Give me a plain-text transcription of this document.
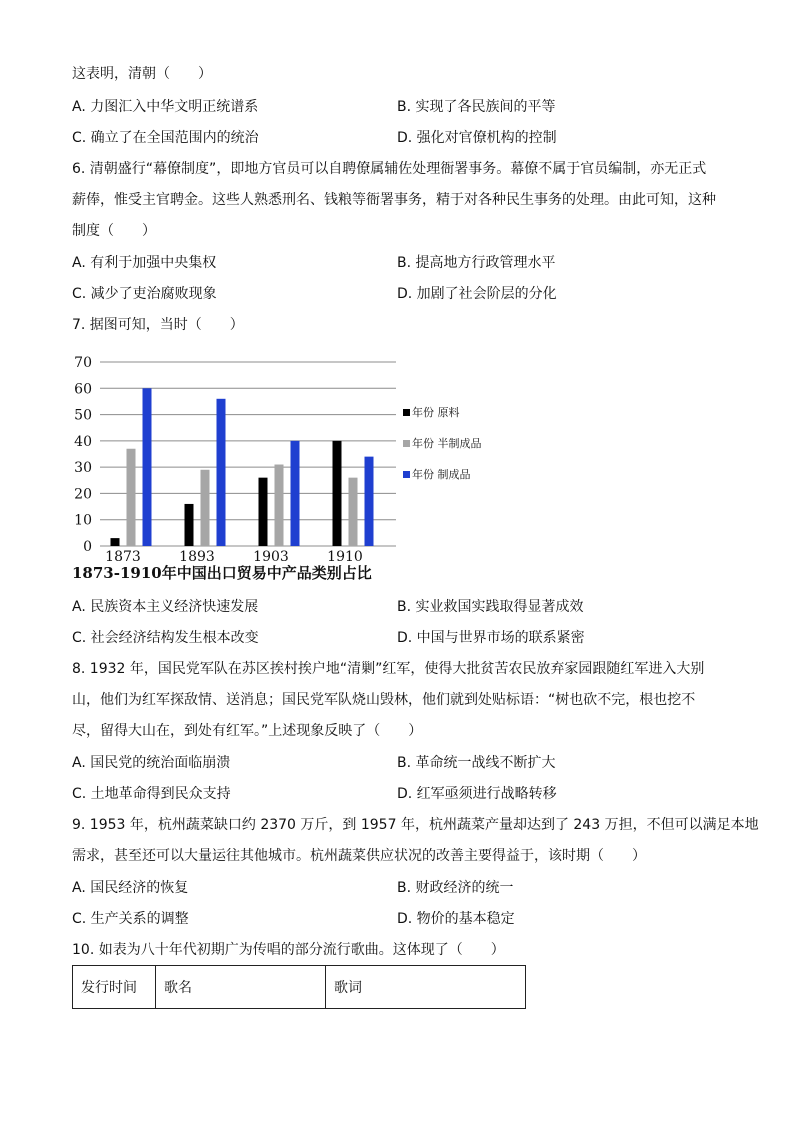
这表明，清朝（　　）
A. 力图汇入中华文明正统谱系	B. 实现了各民族间的平等
C. 确立了在全国范围内的统治	D. 强化对官僚机构的控制
6. 清朝盛行“幕僚制度”，即地方官员可以自聘僚属辅佐处理衙署事务。幕僚不属于官员编制，亦无正式
薪俸，惟受主官聘金。这些人熟悉刑名、钱粮等衙署事务，精于对各种民生事务的处理。由此可知，这种
制度（　　）
A. 有利于加强中央集权	B. 提高地方行政管理水平
C. 减少了吏治腐败现象	D. 加剧了社会阶层的分化
7. 据图可知，当时（　　）
0
10
20
30
40
50
60
70
1873	1893	1903	1910
年份 原料
年份 半制成品
年份 制成品
1873-1910年中国出口贸易中产品类别占比
A. 民族资本主义经济快速发展	B. 实业救国实践取得显著成效
C. 社会经济结构发生根本改变	D. 中国与世界市场的联系紧密
8. 1932 年，国民党军队在苏区挨村挨户地“清剿”红军，使得大批贫苦农民放弃家园跟随红军进入大别
山，他们为红军探敌情、送消息；国民党军队烧山毁林，他们就到处贴标语：“树也砍不完，根也挖不
尽，留得大山在，到处有红军。”上述现象反映了（　　）
A. 国民党的统治面临崩溃	B. 革命统一战线不断扩大
C. 土地革命得到民众支持	D. 红军亟须进行战略转移
9. 1953 年，杭州蔬菜缺口约 2370 万斤，到 1957 年，杭州蔬菜产量却达到了 243 万担，不但可以满足本地
需求，甚至还可以大量运往其他城市。杭州蔬菜供应状况的改善主要得益于，该时期（　　）
A. 国民经济的恢复	B. 财政经济的统一
C. 生产关系的调整	D. 物价的基本稳定
10. 如表为八十年代初期广为传唱的部分流行歌曲。这体现了（　　）
发行时间	歌名	歌词
